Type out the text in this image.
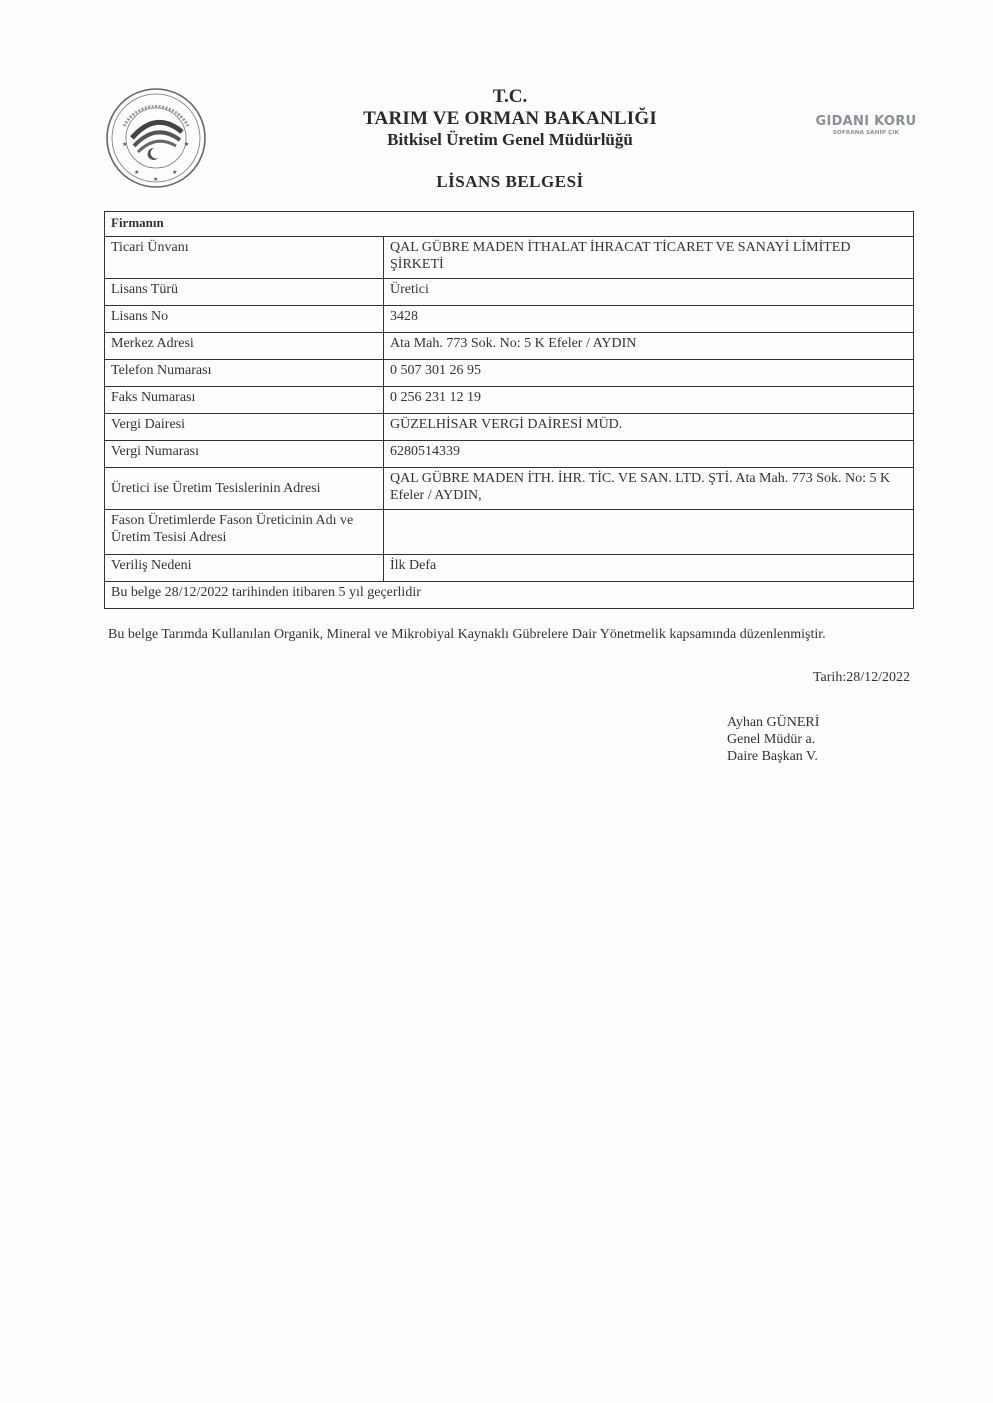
★	★
★	★
★
T.C.
TARIM VE ORMAN BAKANLIĞI
Bitkisel Üretim Genel Müdürlüğü
LİSANS BELGESİ
GIDANI KORU
SOFRANA SAHİP ÇIK
Firmanın	
Ticari Ünvanı	QAL GÜBRE MADEN İTHALAT İHRACAT TİCARET VE SANAYİ LİMİTED ŞİRKETİ
Lisans Türü	Üretici
Lisans No	3428
Merkez Adresi	Ata Mah. 773 Sok. No: 5 K Efeler / AYDIN
Telefon Numarası	0 507 301 26 95
Faks Numarası	0 256 231 12 19
Vergi Dairesi	GÜZELHİSAR VERGİ DAİRESİ MÜD.
Vergi Numarası	6280514339
Üretici ise Üretim Tesislerinin Adresi	QAL GÜBRE MADEN İTH. İHR. TİC. VE SAN. LTD. ŞTİ. Ata Mah. 773 Sok. No: 5 K Efeler / AYDIN,
Fason Üretimlerde Fason Üreticinin Adı ve Üretim Tesisi Adresi	
Veriliş Nedeni	İlk Defa
Bu belge 28/12/2022 tarihinden itibaren 5 yıl geçerlidir	
Bu belge Tarımda Kullanılan Organik, Mineral ve Mikrobiyal Kaynaklı Gübrelere Dair Yönetmelik kapsamında düzenlenmiştir.
Tarih:28/12/2022
Ayhan GÜNERİ
Genel Müdür a.
Daire Başkan V.
